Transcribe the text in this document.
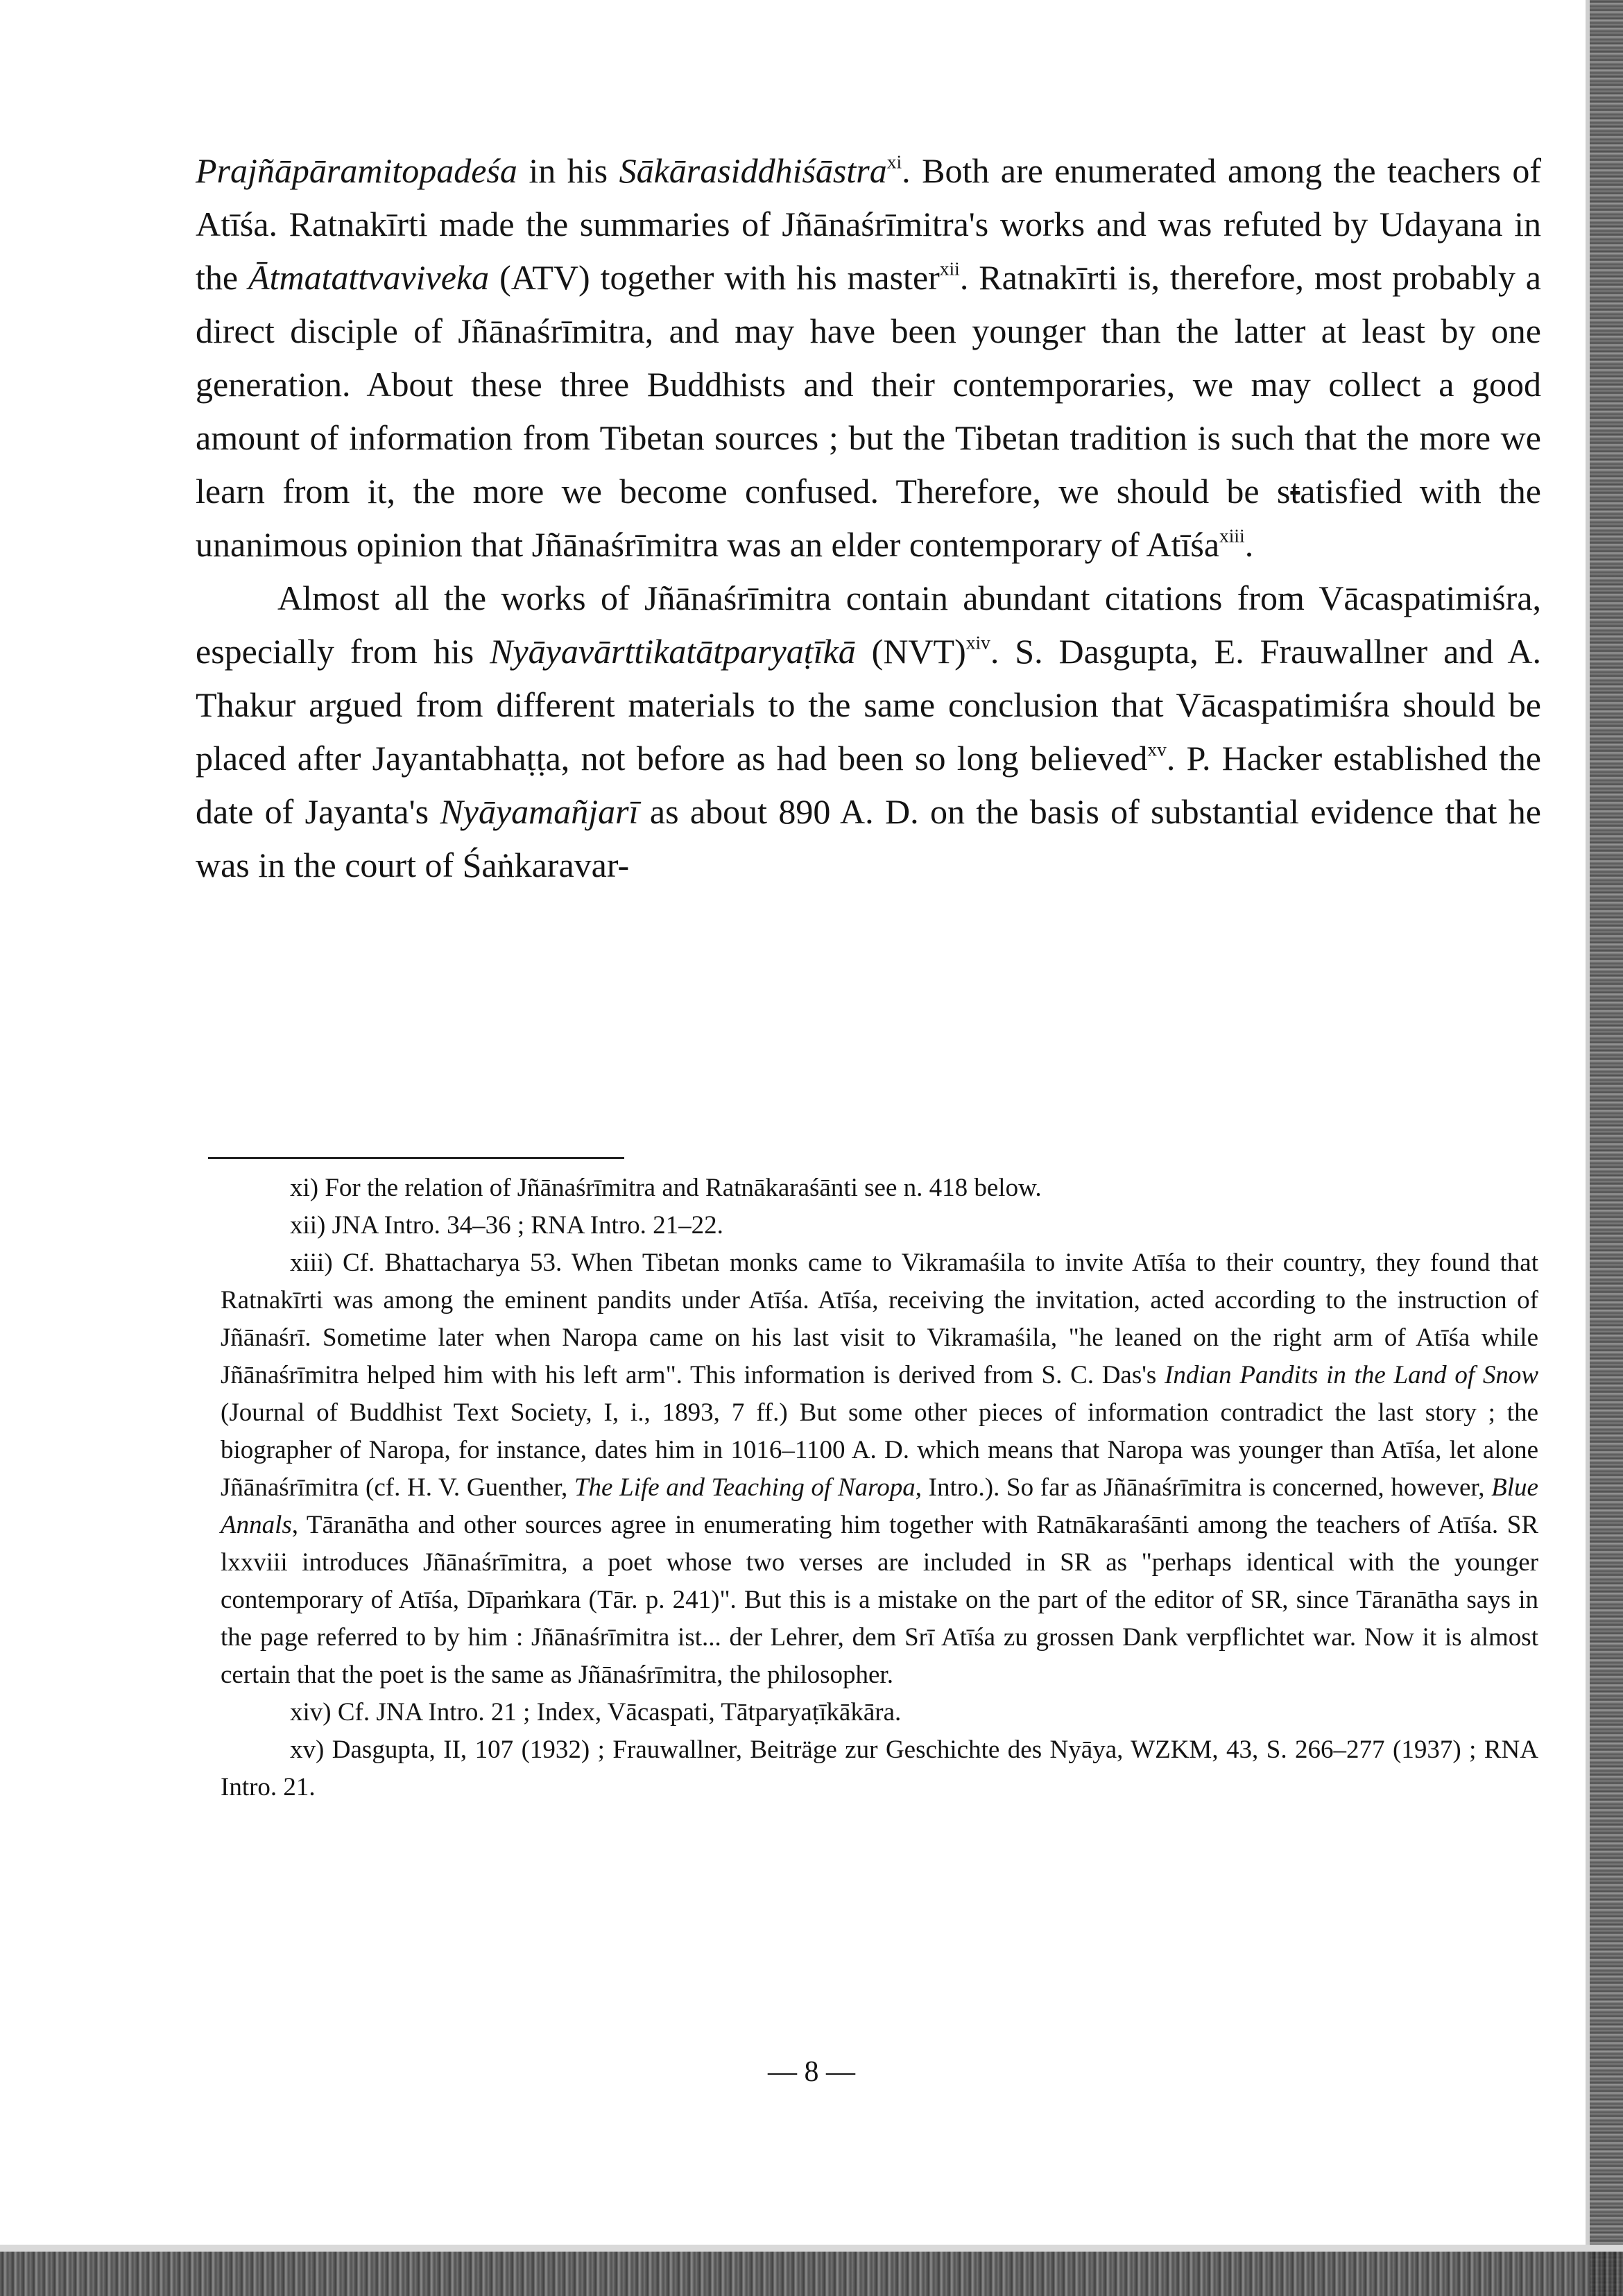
Prajñāpāramitopadeśa in his Sākārasiddhiśāstra$^{xi}$. Both are enumerated among the teachers of Atīśa. Ratnakīrti made the summaries of Jñānaśrīmitra's works and was refuted by Udayana in the Ātmatattvaviveka (ATV) together with his master$^{xii}$. Ratnakīrti is, therefore, most probably a direct disciple of Jñānaśrīmitra, and may have been younger than the latter at least by one generation. About these three Buddhists and their contemporaries, we may collect a good amount of information from Tibetan sources ; but the Tibetan tradition is such that the more we learn from it, the more we become confused. Therefore, we should be statisfied with the unanimous opinion that Jñānaśrīmitra was an elder contemporary of Atīśa$^{xiii}$.

Almost all the works of Jñānaśrīmitra contain abundant citations from Vācaspatimiśra, especially from his Nyāyavārttikatātparyaṭīkā (NVT)$^{xiv}$. S. Dasgupta, E. Frauwallner and A. Thakur argued from different materials to the same conclusion that Vācaspatimiśra should be placed after Jayantabhaṭṭa, not before as had been so long believed$^{xv}$. P. Hacker established the date of Jayanta's Nyāyamañjarī as about 890 A. D. on the basis of substantial evidence that he was in the court of Śaṅkaravar-

xi) For the relation of Jñānaśrīmitra and Ratnākaraśānti see n. 418 below.

xii) JNA Intro. 34–36 ; RNA Intro. 21–22.

xiii) Cf. Bhattacharya 53. When Tibetan monks came to Vikramaśila to invite Atīśa to their country, they found that Ratnakīrti was among the eminent pandits under Atīśa. Atīśa, receiving the invitation, acted according to the instruction of Jñānaśrī. Sometime later when Naropa came on his last visit to Vikramaśila, "he leaned on the right arm of Atīśa while Jñānaśrīmitra helped him with his left arm". This information is derived from S. C. Das's Indian Pandits in the Land of Snow (Journal of Buddhist Text Society, I, i., 1893, 7 ff.) But some other pieces of information contradict the last story ; the biographer of Naropa, for instance, dates him in 1016–1100 A. D. which means that Naropa was younger than Atīśa, let alone Jñānaśrīmitra (cf. H. V. Guenther, The Life and Teaching of Naropa, Intro.). So far as Jñānaśrīmitra is concerned, however, Blue Annals, Tāranātha and other sources agree in enumerating him together with Ratnākaraśānti among the teachers of Atīśa. SR lxxviii introduces Jñānaśrīmitra, a poet whose two verses are included in SR as "perhaps identical with the younger contemporary of Atīśa, Dīpaṁkara (Tār. p. 241)". But this is a mistake on the part of the editor of SR, since Tāranātha says in the page referred to by him : Jñānaśrīmitra ist... der Lehrer, dem Srī Atīśa zu grossen Dank verpflichtet war. Now it is almost certain that the poet is the same as Jñānaśrīmitra, the philosopher.

xiv) Cf. JNA Intro. 21 ; Index, Vācaspati, Tātparyaṭīkākāra.

xv) Dasgupta, II, 107 (1932) ; Frauwallner, Beiträge zur Geschichte des Nyāya, WZKM, 43, S. 266–277 (1937) ; RNA Intro. 21.

— 8 —
